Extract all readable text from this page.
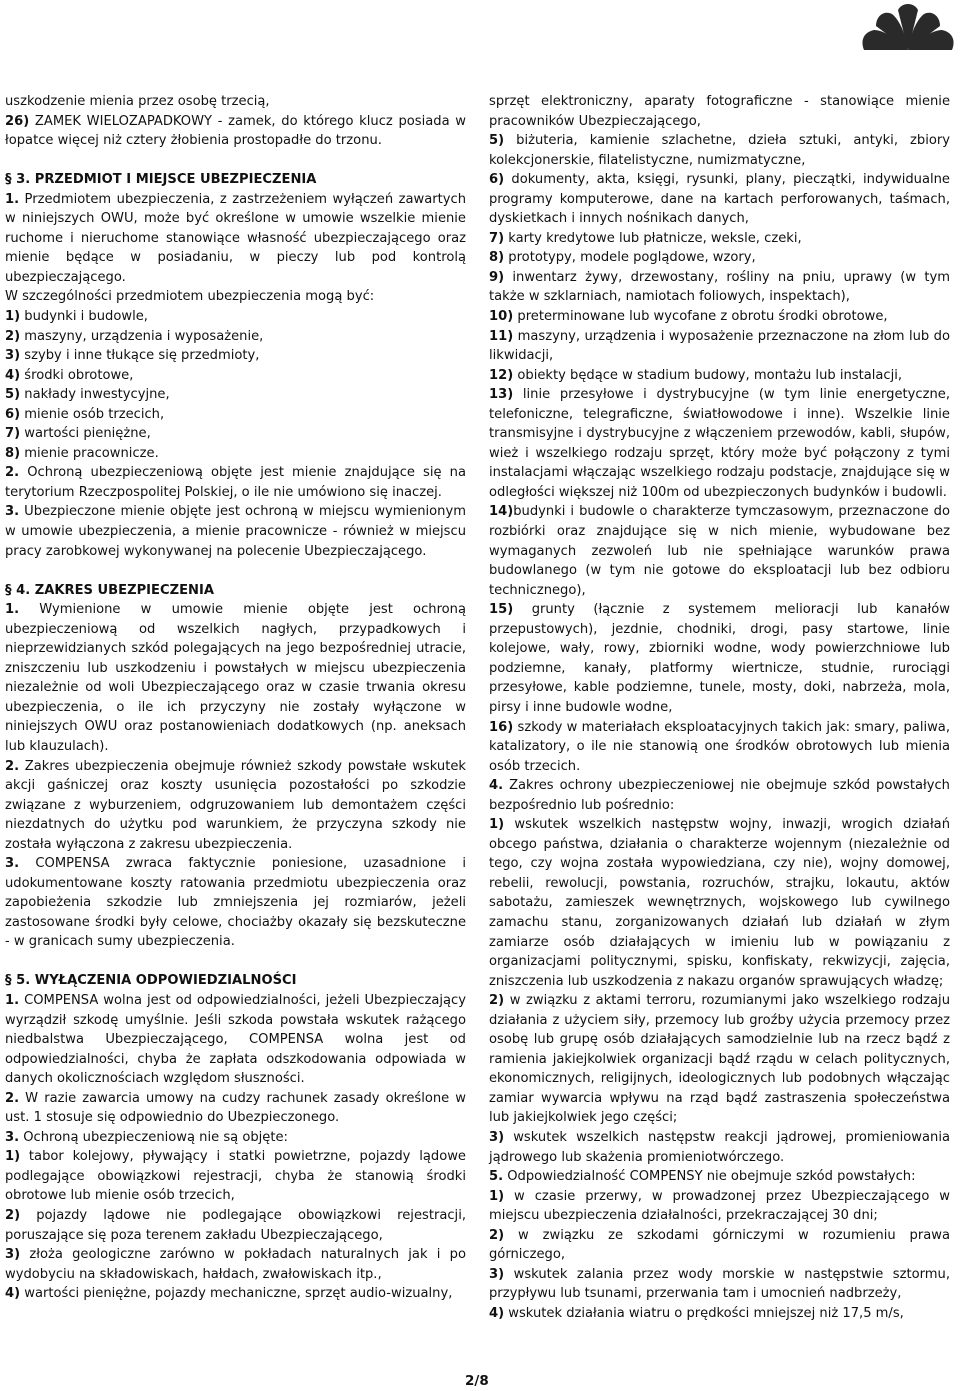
uszkodzenie mienia przez osobę trzecią,

26) ZAMEK WIELOZAPADKOWY - zamek, do którego klucz posiada w łopatce więcej niż cztery żłobienia prostopadłe do trzonu.

§ 3. PRZEDMIOT I MIEJSCE UBEZPIECZENIA

1. Przedmiotem ubezpieczenia, z zastrzeżeniem wyłączeń zawartych w niniejszych OWU, może być określone w umowie wszelkie mienie ruchome i nieruchome stanowiące własność ubezpieczającego oraz mienie będące w posiadaniu, w pieczy lub pod kontrolą ubezpieczającego.

W szczególności przedmiotem ubezpieczenia mogą być:

1) budynki i budowle,

2) maszyny, urządzenia i wyposażenie,

3) szyby i inne tłukące się przedmioty,

4) środki obrotowe,

5) nakłady inwestycyjne,

6) mienie osób trzecich,

7) wartości pieniężne,

8) mienie pracownicze.

2. Ochroną ubezpieczeniową objęte jest mienie znajdujące się na terytorium Rzeczpospolitej Polskiej, o ile nie umówiono się inaczej.

3. Ubezpieczone mienie objęte jest ochroną w miejscu wymienionym w umowie ubezpieczenia, a mienie pracownicze - również w miejscu pracy zarobkowej wykonywanej na polecenie Ubezpieczającego.

§ 4. ZAKRES UBEZPIECZENIA

1. Wymienione w umowie mienie objęte jest ochroną ubezpieczeniową od wszelkich nagłych, przypadkowych i nieprzewidzianych szkód polegających na jego bezpośredniej utracie, zniszczeniu lub uszkodzeniu i powstałych w miejscu ubezpieczenia niezależnie od woli Ubezpieczającego oraz w czasie trwania okresu ubezpieczenia, o ile ich przyczyny nie zostały wyłączone w niniejszych OWU oraz postanowieniach dodatkowych (np. aneksach lub klauzulach).

2. Zakres ubezpieczenia obejmuje również szkody powstałe wskutek akcji gaśniczej oraz koszty usunięcia pozostałości po szkodzie związane z wyburzeniem, odgruzowaniem lub demontażem części niezdatnych do użytku pod warunkiem, że przyczyna szkody nie została wyłączona z zakresu ubezpieczenia.

3. COMPENSA zwraca faktycznie poniesione, uzasadnione i udokumentowane koszty ratowania przedmiotu ubezpieczenia oraz zapobieżenia szkodzie lub zmniejszenia jej rozmiarów, jeżeli zastosowane środki były celowe, chociażby okazały się bezskuteczne - w granicach sumy ubezpieczenia.

§ 5. WYŁĄCZENIA ODPOWIEDZIALNOŚCI

1. COMPENSA wolna jest od odpowiedzialności, jeżeli Ubezpieczający wyrządził szkodę umyślnie. Jeśli szkoda powstała wskutek rażącego niedbalstwa Ubezpieczającego, COMPENSA wolna jest od odpowiedzialności, chyba że zapłata odszkodowania odpowiada w danych okolicznościach względom słuszności.

2. W razie zawarcia umowy na cudzy rachunek zasady określone w ust. 1 stosuje się odpowiednio do Ubezpieczonego.

3. Ochroną ubezpieczeniową nie są objęte:

1) tabor kolejowy, pływający i statki powietrzne, pojazdy lądowe podlegające obowiązkowi rejestracji, chyba że stanowią środki obrotowe lub mienie osób trzecich,

2) pojazdy lądowe nie podlegające obowiązkowi rejestracji, poruszające się poza terenem zakładu Ubezpieczającego,

3) złoża geologiczne zarówno w pokładach naturalnych jak i po wydobyciu na składowiskach, hałdach, zwałowiskach itp.,

4) wartości pieniężne, pojazdy mechaniczne, sprzęt audio-wizualny,

sprzęt elektroniczny, aparaty fotograficzne - stanowiące mienie pracowników Ubezpieczającego,

5) biżuteria, kamienie szlachetne, dzieła sztuki, antyki, zbiory kolekcjonerskie, filatelistyczne, numizmatyczne,

6) dokumenty, akta, księgi, rysunki, plany, pieczątki, indywidualne programy komputerowe, dane na kartach perforowanych, taśmach, dyskietkach i innych nośnikach danych,

7) karty kredytowe lub płatnicze, weksle, czeki,

8) prototypy, modele poglądowe, wzory,

9) inwentarz żywy, drzewostany, rośliny na pniu, uprawy (w tym także w szklarniach, namiotach foliowych, inspektach),

10) preterminowane lub wycofane z obrotu środki obrotowe,

11) maszyny, urządzenia i wyposażenie przeznaczone na złom lub do likwidacji,

12) obiekty będące w stadium budowy, montażu lub instalacji,

13) linie przesyłowe i dystrybucyjne (w tym linie energetyczne, telefoniczne, telegraficzne, światłowodowe i inne). Wszelkie linie transmisyjne i dystrybucyjne z włączeniem przewodów, kabli, słupów, wież i wszelkiego rodzaju sprzęt, który może być połączony z tymi instalacjami włączając wszelkiego rodzaju podstacje, znajdujące się w odległości większej niż 100m od ubezpieczonych budynków i budowli.

14)budynki i budowle o charakterze tymczasowym, przeznaczone do rozbiórki oraz znajdujące się w nich mienie, wybudowane bez wymaganych zezwoleń lub nie spełniające warunków prawa budowlanego (w tym nie gotowe do eksploatacji lub bez odbioru technicznego),

15) grunty (łącznie z systemem melioracji lub kanałów przepustowych), jezdnie, chodniki, drogi, pasy startowe, linie kolejowe, wały, rowy, zbiorniki wodne, wody powierzchniowe lub podziemne, kanały, platformy wiertnicze, studnie, rurociągi przesyłowe, kable podziemne, tunele, mosty, doki, nabrzeża, mola, pirsy i inne budowle wodne,

16) szkody w materiałach eksploatacyjnych takich jak: smary, paliwa, katalizatory, o ile nie stanowią one środków obrotowych lub mienia osób trzecich.

4. Zakres ochrony ubezpieczeniowej nie obejmuje szkód powstałych bezpośrednio lub pośrednio:

1) wskutek wszelkich następstw wojny, inwazji, wrogich działań obcego państwa, działania o charakterze wojennym (niezależnie od tego, czy wojna została wypowiedziana, czy nie), wojny domowej, rebelii, rewolucji, powstania, rozruchów, strajku, lokautu, aktów sabotażu, zamieszek wewnętrznych, wojskowego lub cywilnego zamachu stanu, zorganizowanych działań lub działań w złym zamiarze osób działających w imieniu lub w powiązaniu z organizacjami politycznymi, spisku, konfiskaty, rekwizycji, zajęcia, zniszczenia lub uszkodzenia z nakazu organów sprawujących władzę;

2) w związku z aktami terroru, rozumianymi jako wszelkiego rodzaju działania z użyciem siły, przemocy lub groźby użycia przemocy przez osobę lub grupę osób działających samodzielnie lub na rzecz bądź z ramienia jakiejkolwiek organizacji bądź rządu w celach politycznych, ekonomicznych, religijnych, ideologicznych lub podobnych włączając zamiar wywarcia wpływu na rząd bądź zastraszenia społeczeństwa lub jakiejkolwiek jego części;

3) wskutek wszelkich następstw reakcji jądrowej, promieniowania jądrowego lub skażenia promieniotwórczego.

5. Odpowiedzialność COMPENSY nie obejmuje szkód powstałych:

1) w czasie przerwy, w prowadzonej przez Ubezpieczającego w miejscu ubezpieczenia działalności, przekraczającej 30 dni;

2) w związku ze szkodami górniczymi w rozumieniu prawa górniczego,

3) wskutek zalania przez wody morskie w następstwie sztormu, przypływu lub tsunami, przerwania tam i umocnień nadbrzeży,

4) wskutek działania wiatru o prędkości mniejszej niż 17,5 m/s,

2/8
